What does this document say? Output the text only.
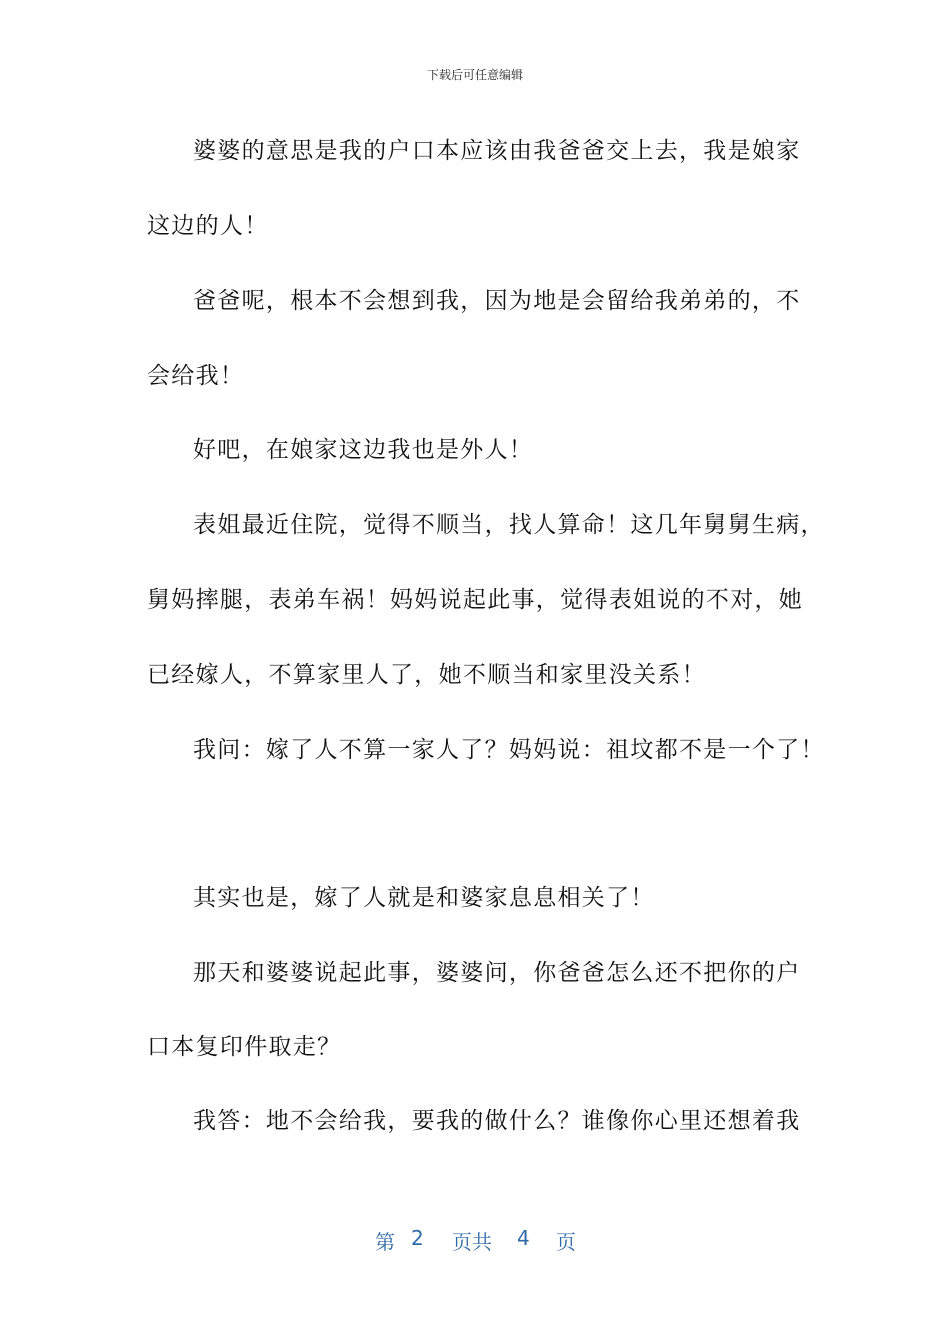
下载后可任意编辑
婆婆的意思是我的户口本应该由我爸爸交上去，我是娘家
这边的人！
爸爸呢，根本不会想到我，因为地是会留给我弟弟的，不
会给我！
好吧，在娘家这边我也是外人！
表姐最近住院，觉得不顺当，找人算命！这几年舅舅生病，
舅妈摔腿，表弟车祸！妈妈说起此事，觉得表姐说的不对，她
已经嫁人，不算家里人了，她不顺当和家里没关系！
我问：嫁了人不算一家人了？妈妈说：祖坟都不是一个了！
其实也是，嫁了人就是和婆家息息相关了！
那天和婆婆说起此事，婆婆问，你爸爸怎么还不把你的户
口本复印件取走？
我答：地不会给我，要我的做什么？谁像你心里还想着我
第 2 页共 4 页
